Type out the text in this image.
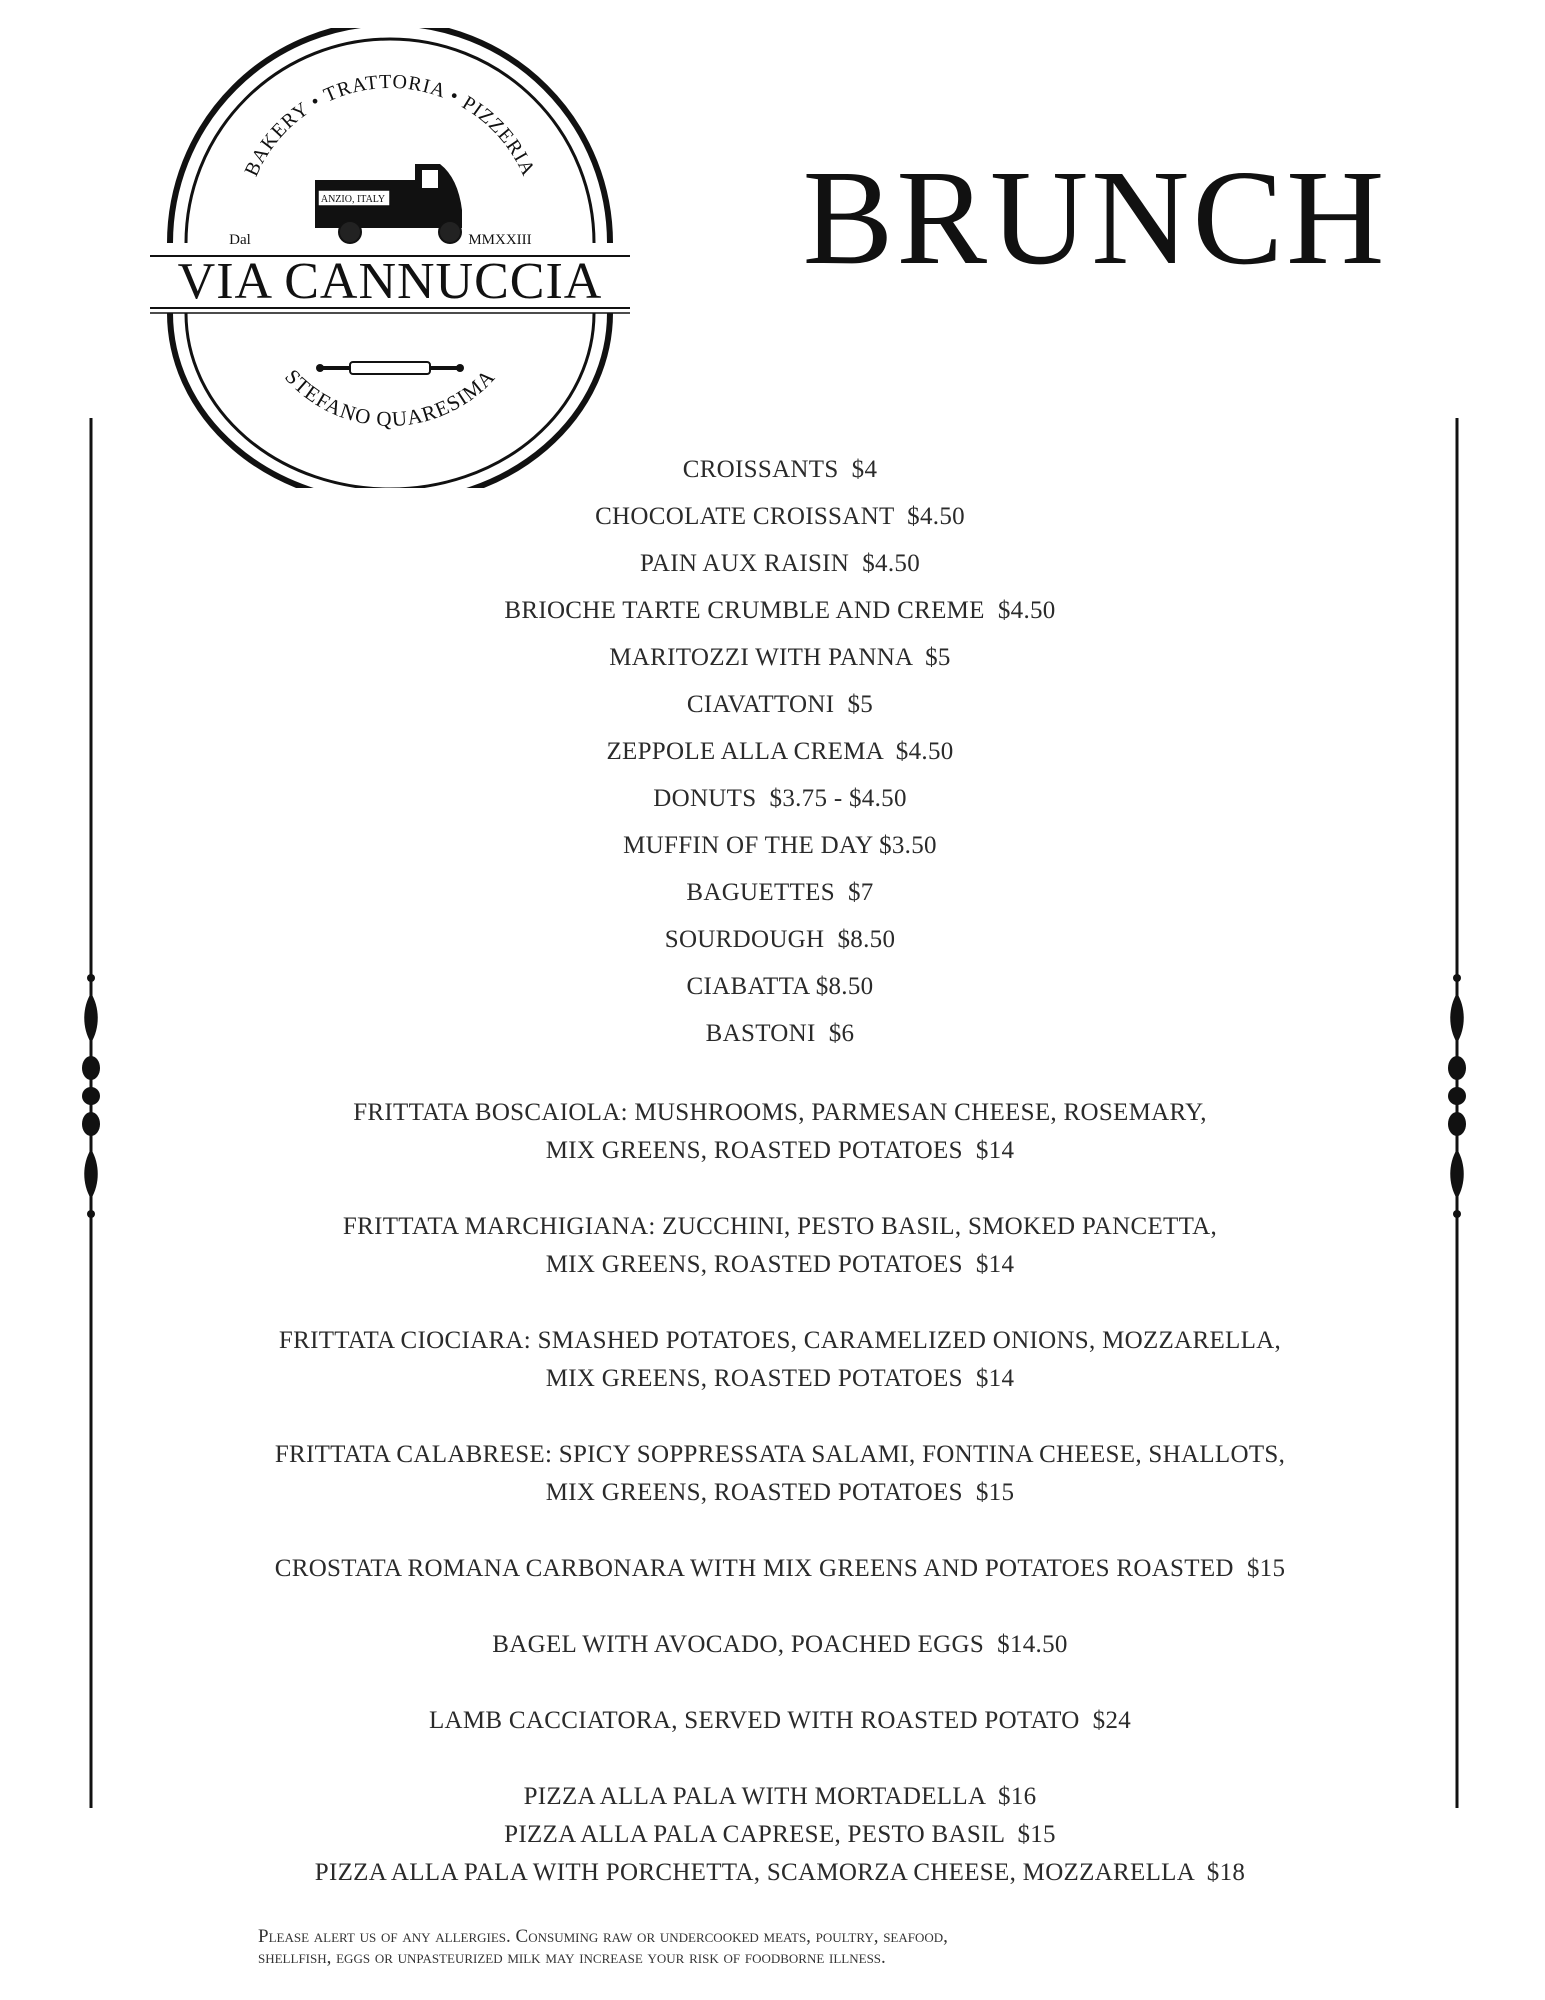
BAKERY • TRATTORIA • PIZZERIA
STEFANO QUARESIMA
ANZIO, ITALY
Dal	MMXXIII
VIA CANNUCCIA BRUNCH
CROISSANTS  $4
CHOCOLATE CROISSANT  $4.50
PAIN AUX RAISIN  $4.50
BRIOCHE TARTE CRUMBLE AND CREME  $4.50
MARITOZZI WITH PANNA  $5
CIAVATTONI  $5
ZEPPOLE ALLA CREMA  $4.50
DONUTS  $3.75 - $4.50
MUFFIN OF THE DAY $3.50
BAGUETTES  $7
SOURDOUGH  $8.50
CIABATTA $8.50
BASTONI  $6
FRITTATA BOSCAIOLA: MUSHROOMS, PARMESAN CHEESE, ROSEMARY,
MIX GREENS, ROASTED POTATOES  $14
FRITTATA MARCHIGIANA: ZUCCHINI, PESTO BASIL, SMOKED PANCETTA,
MIX GREENS, ROASTED POTATOES  $14
FRITTATA CIOCIARA: SMASHED POTATOES, CARAMELIZED ONIONS, MOZZARELLA,
MIX GREENS, ROASTED POTATOES  $14
FRITTATA CALABRESE: SPICY SOPPRESSATA SALAMI, FONTINA CHEESE, SHALLOTS,
MIX GREENS, ROASTED POTATOES  $15
CROSTATA ROMANA CARBONARA WITH MIX GREENS AND POTATOES ROASTED  $15
BAGEL WITH AVOCADO, POACHED EGGS  $14.50
LAMB CACCIATORA, SERVED WITH ROASTED POTATO  $24
PIZZA ALLA PALA WITH MORTADELLA  $16
PIZZA ALLA PALA CAPRESE, PESTO BASIL  $15
PIZZA ALLA PALA WITH PORCHETTA, SCAMORZA CHEESE, MOZZARELLA  $18
Please alert us of any allergies. Consuming raw or undercooked meats, poultry, seafood,
shellfish, eggs or unpasteurized milk may increase your risk of foodborne illness.
